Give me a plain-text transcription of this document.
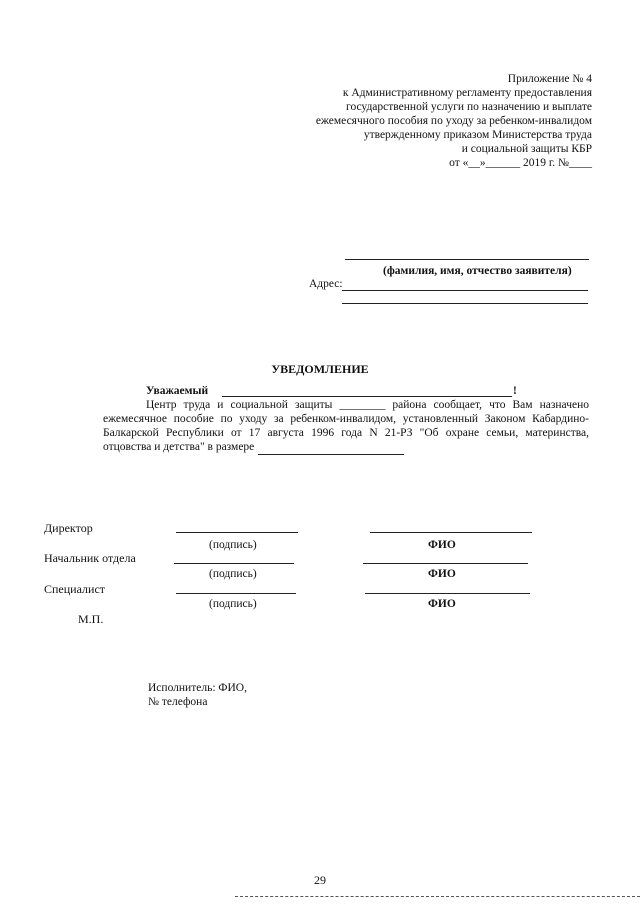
Приложение № 4
к Административному регламенту предоставления
государственной услуги по назначению и выплате
ежемесячного пособия по уходу за ребенком-инвалидом
утвержденному приказом Министерства труда
и социальной защиты КБР
от «__»______ 2019 г. №____
(фамилия, имя, отчество заявителя)
Адрес:
УВЕДОМЛЕНИЕ
Уважаемый	!
Центр труда и социальной защиты ________ района сообщает, что Вам назначено
ежемесячное пособие по уходу за ребенком-инвалидом, установленный Законом Кабардино-
Балкарской Республики от 17 августа 1996 года N 21-РЗ "Об охране семьи, материнства,
отцовства и детства" в размере
Директор
(подпись)	ФИО
Начальник отдела
(подпись)	ФИО
Специалист
(подпись)	ФИО
М.П.
Исполнитель: ФИО,
№ телефона
29
